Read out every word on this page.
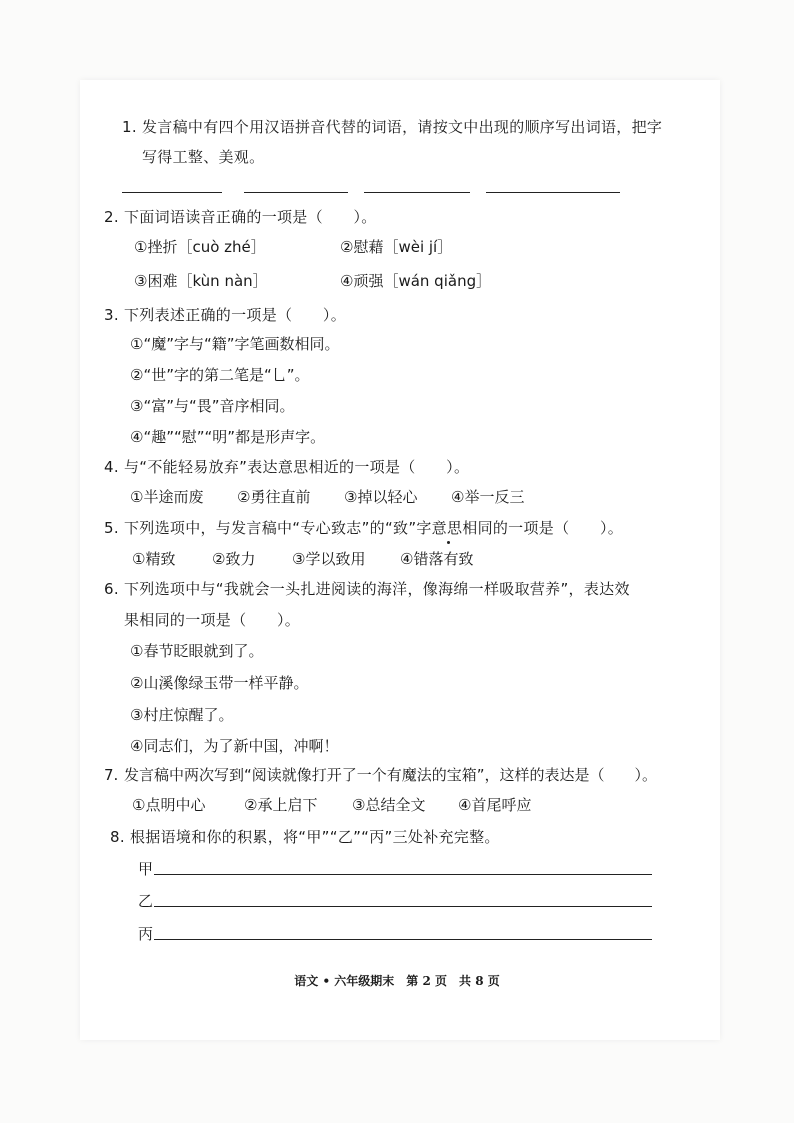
1. 发言稿中有四个用汉语拼音代替的词语，请按文中出现的顺序写出词语，把字
写得工整、美观。
2. 下面词语读音正确的一项是（　　）。
①挫折［cuò zhé］	②慰藉［wèi jí］
③困难［kùn nàn］	④顽强［wán qiǎng］
3. 下列表述正确的一项是（　　）。
①“魔”字与“籍”字笔画数相同。
②“世”字的第二笔是“乚”。
③“富”与“畏”音序相同。
④“趣”“慰”“明”都是形声字。
4. 与“不能轻易放弃”表达意思相近的一项是（　　）。
①半途而废 ②勇往直前 ③掉以轻心 ④举一反三
5. 下列选项中，与发言稿中“专心致志”的“致”字意思相同的一项是（　　）。
①精致 ②致力 ③学以致用 ④错落有致
6. 下列选项中与“我就会一头扎进阅读的海洋，像海绵一样吸取营养”，表达效
果相同的一项是（　　）。
①春节眨眼就到了。
②山溪像绿玉带一样平静。
③村庄惊醒了。
④同志们，为了新中国，冲啊！
7. 发言稿中两次写到“阅读就像打开了一个有魔法的宝箱”，这样的表达是（　　）。
①点明中心	②承上启下 ③总结全文 ④首尾呼应
8. 根据语境和你的积累，将“甲”“乙”“丙”三处补充完整。
甲
乙
丙
语文 • 六年级期末　第 2 页　共 8 页
